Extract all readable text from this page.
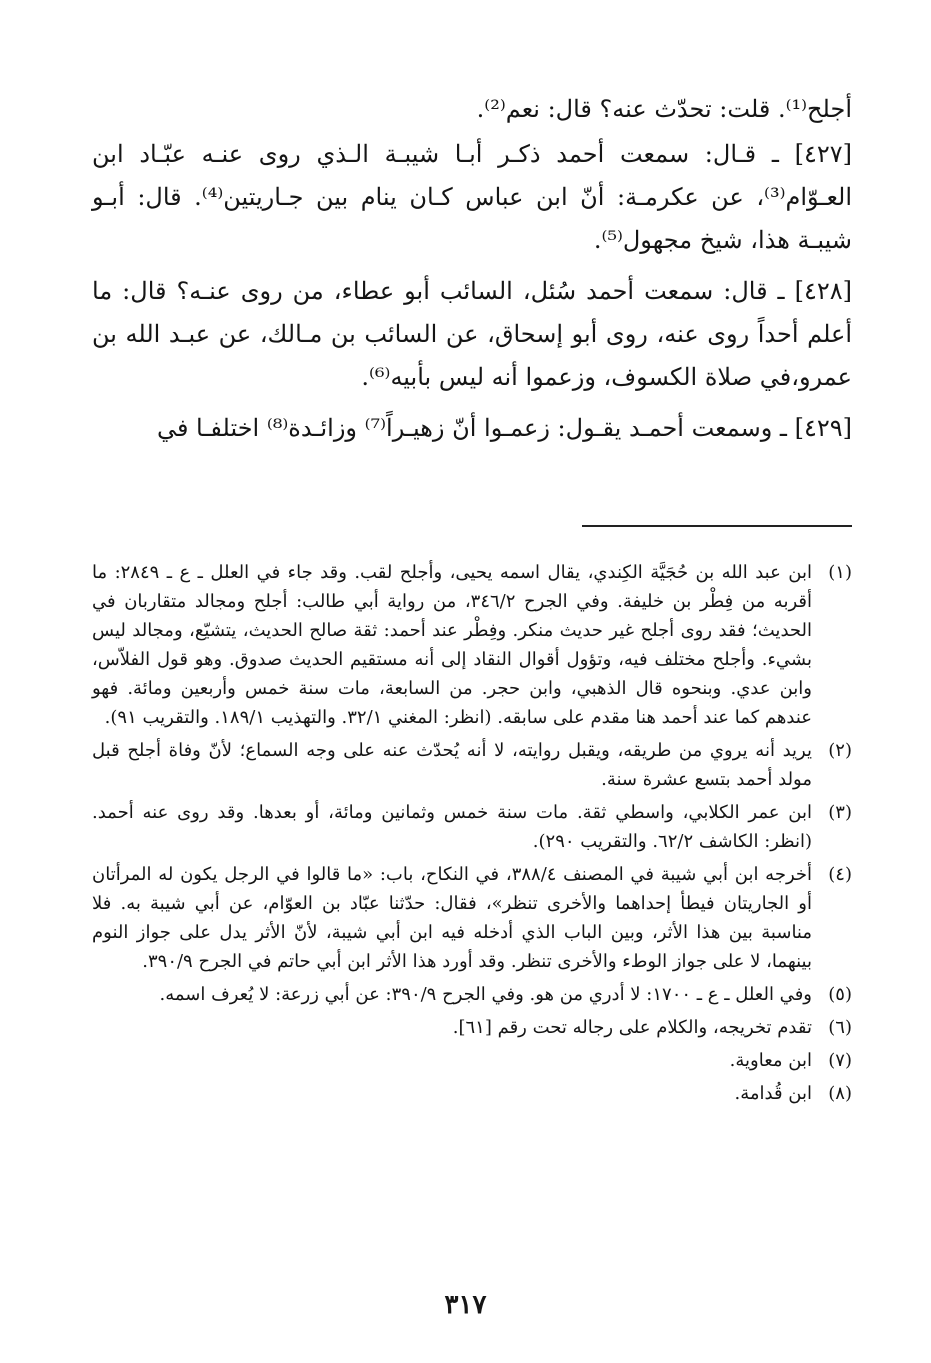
أجلح⁽¹⁾. قلت: تحدّث عنه؟ قال: نعم⁽²⁾.

[٤٢٧] ـ قـال: سمعت أحمد ذكـر أبـا شيبـة الـذي روى عنـه عبّـاد ابن العـوّام⁽³⁾، عن عكرمـة: أنّ ابن عباس كـان ينام بين جـاريتين⁽⁴⁾. قال: أبـو شيبـة هذا، شيخ مجهول⁽⁵⁾.

[٤٢٨] ـ قال: سمعت أحمد سُئل، السائب أبو عطاء، من روى عنـه؟ قال: ما أعلم أحداً روى عنه، روى أبو إسحاق، عن السائب بن مـالك، عن عبـد الله بن عمرو،في صلاة الكسوف، وزعموا أنه ليس بأبيه⁽⁶⁾.

[٤٢٩] ـ وسمعت أحمـد يقـول: زعمـوا أنّ زهيـراً⁽⁷⁾ وزائـدة⁽⁸⁾ اختلفـا في

(١)
ابن عبد الله بن حُجَيَّة الكِندي، يقال اسمه يحيى، وأجلح لقب. وقد جاء في العلل ـ ع ـ ٢٨٤٩: ما أقربه من فِطْر بن خليفة. وفي الجرح ٣٤٦/٢، من رواية أبي طالب: أجلح ومجالد متقاربان في الحديث؛ فقد روى أجلح غير حديث منكر. وفِطْر عند أحمد: ثقة صالح الحديث، يتشيّع، ومجالد ليس بشيء. وأجلح مختلف فيه، وتؤول أقوال النقاد إلى أنه مستقيم الحديث صدوق. وهو قول الفلاّس، وابن عدي. وبنحوه قال الذهبي، وابن حجر. من السابعة، مات سنة خمس وأربعين ومائة. فهو عندهم كما عند أحمد هنا مقدم على سابقه. (انظر: المغني ٣٢/١. والتهذيب ١٨٩/١. والتقريب ٩١).
(٢)
يريد أنه يروي من طريقه، ويقبل روايته، لا أنه يُحدّث عنه على وجه السماع؛ لأنّ وفاة أجلح قبل مولد أحمد بتسع عشرة سنة.
(٣)
ابن عمر الكلابي، واسطي ثقة. مات سنة خمس وثمانين ومائة، أو بعدها. وقد روى عنه أحمد. (انظر: الكاشف ٦٢/٢. والتقريب ٢٩٠).
(٤)
أخرجه ابن أبي شيبة في المصنف ٣٨٨/٤، في النكاح، باب: «ما قالوا في الرجل يكون له المرأتان أو الجاريتان فيطأ إحداهما والأخرى تنظر»، فقال: حدّثنا عبّاد بن العوّام، عن أبي شيبة به. فلا مناسبة بين هذا الأثر، وبين الباب الذي أدخله فيه ابن أبي شيبة، لأنّ الأثر يدل على جواز النوم بينهما، لا على جواز الوطء والأخرى تنظر. وقد أورد هذا الأثر ابن أبي حاتم في الجرح ٣٩٠/٩.
(٥)
وفي العلل ـ ع ـ ١٧٠٠: لا أدري من هو. وفي الجرح ٣٩٠/٩: عن أبي زرعة: لا يُعرف اسمه.
(٦)
تقدم تخريجه، والكلام على رجاله تحت رقم [٦١].
(٧)
ابن معاوية.
(٨)
ابن قُدامة.
٣١٧
